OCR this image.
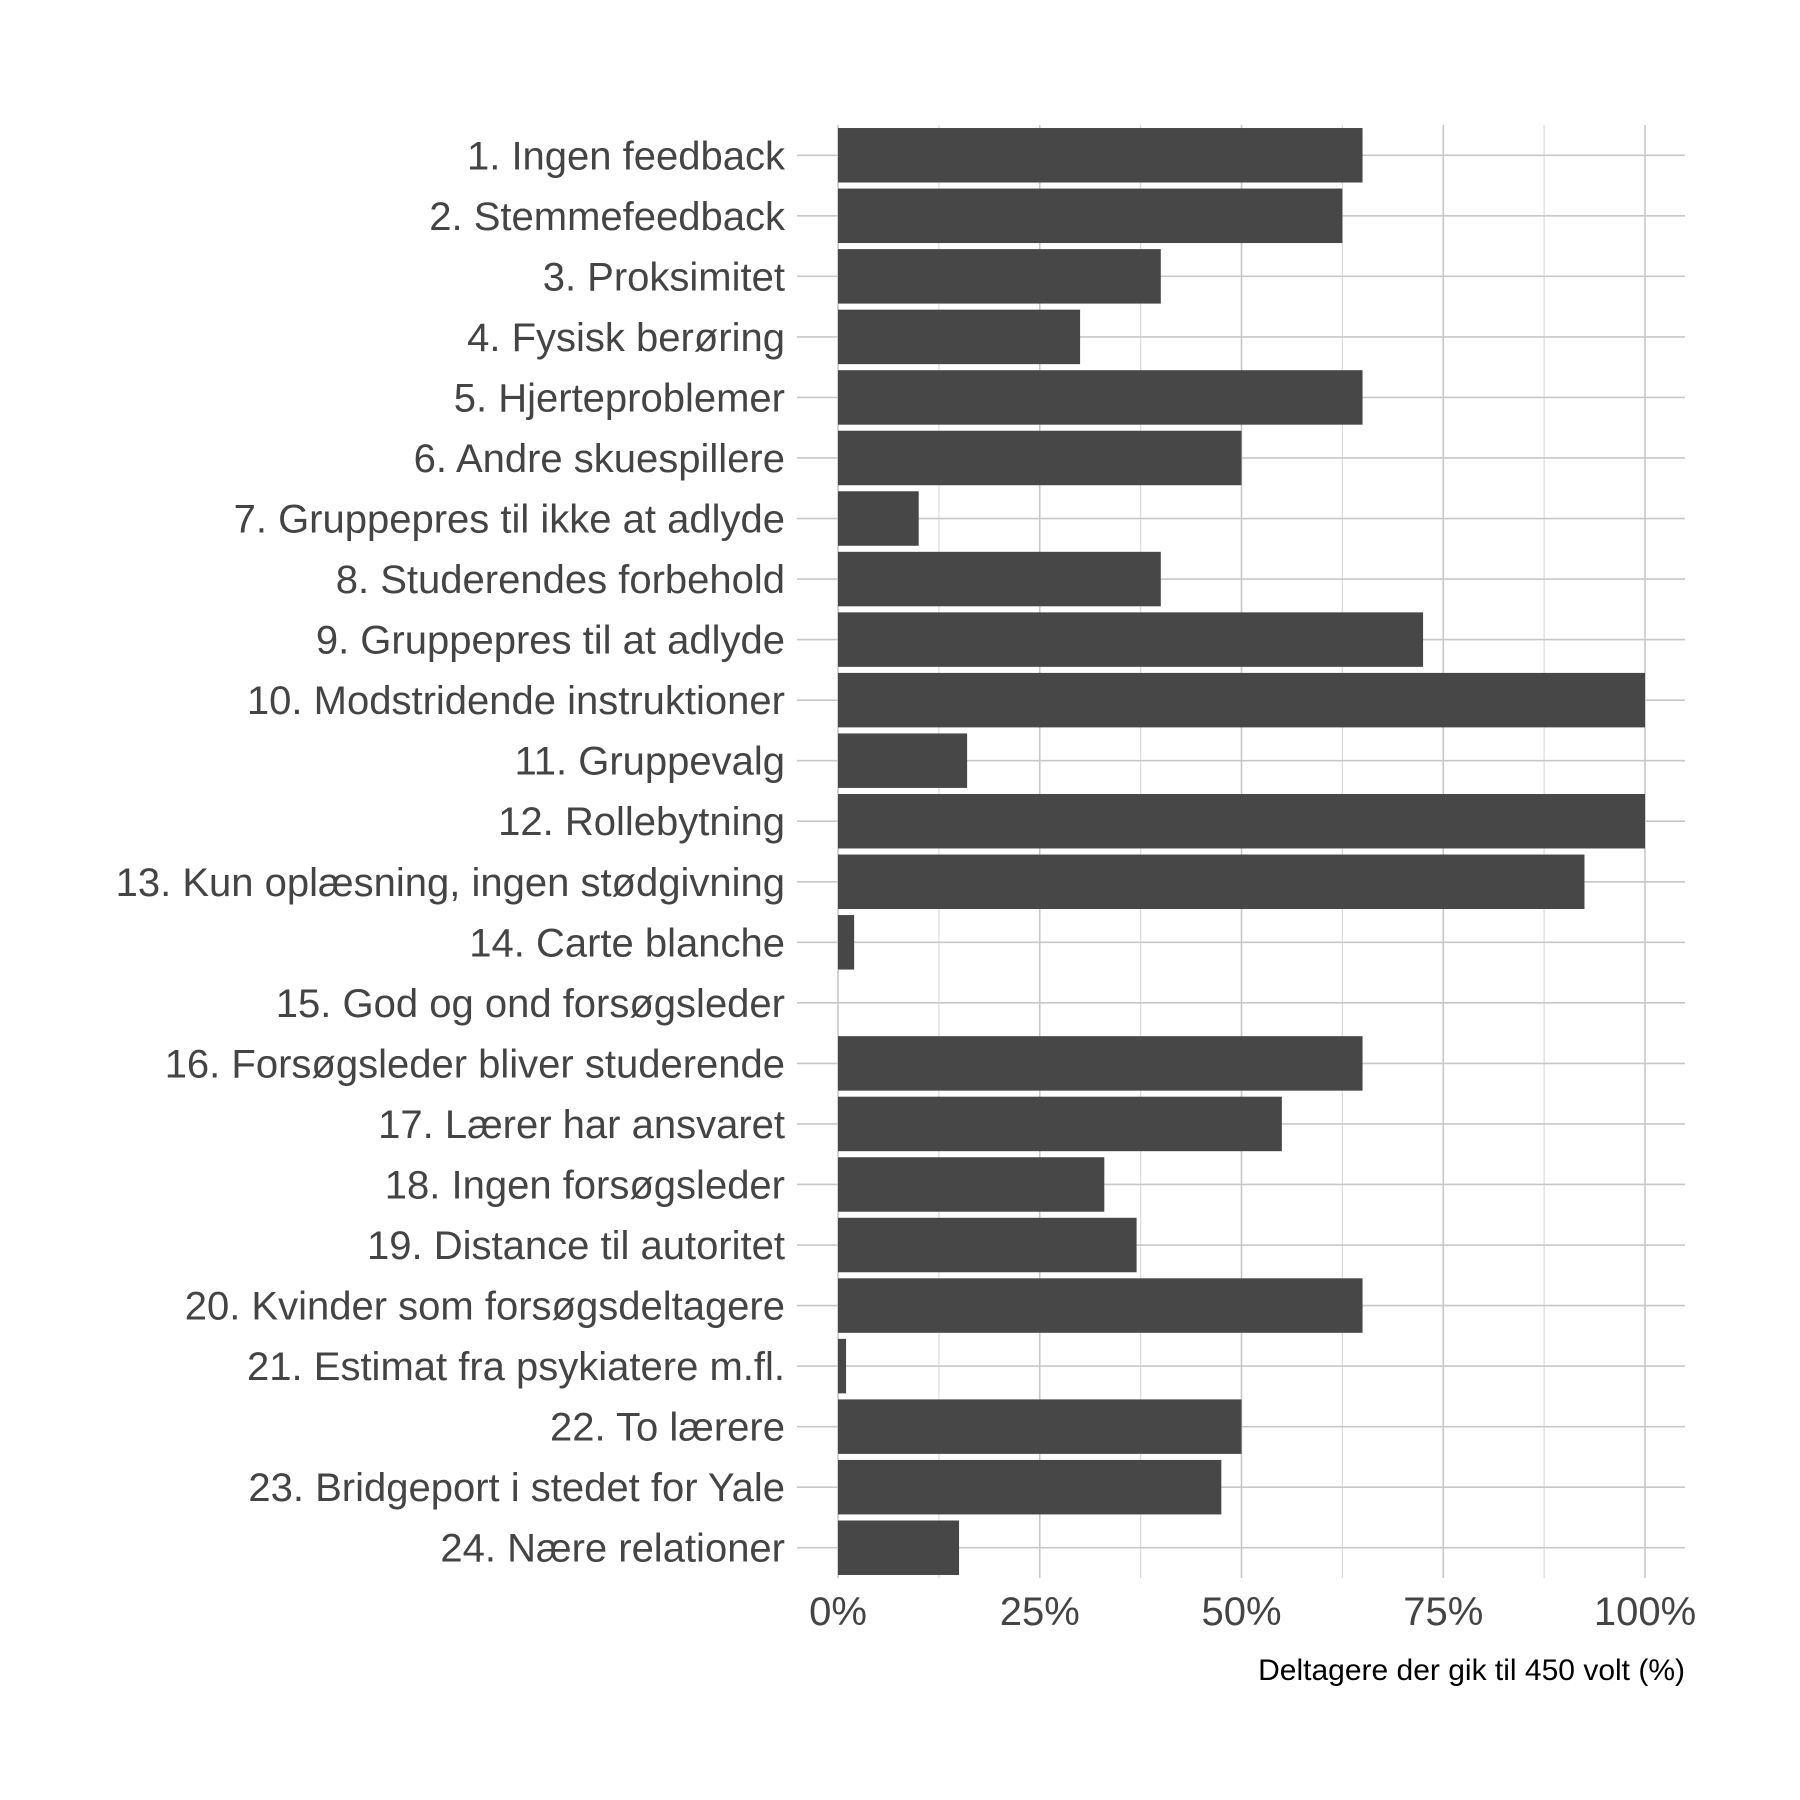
1. Ingen feedback
2. Stemmefeedback
3. Proksimitet
4. Fysisk berøring
5. Hjerteproblemer
6. Andre skuespillere
7. Gruppepres til ikke at adlyde
8. Studerendes forbehold
9. Gruppepres til at adlyde
10. Modstridende instruktioner
11. Gruppevalg
12. Rollebytning
13. Kun oplæsning, ingen stødgivning
14. Carte blanche
15. God og ond forsøgsleder
16. Forsøgsleder bliver studerende
17. Lærer har ansvaret
18. Ingen forsøgsleder
19. Distance til autoritet
20. Kvinder som forsøgsdeltagere
21. Estimat fra psykiatere m.fl.
22. To lærere
23. Bridgeport i stedet for Yale
24. Nære relationer
0%	25%	50%	75%	100%
Deltagere der gik til 450 volt (%)
